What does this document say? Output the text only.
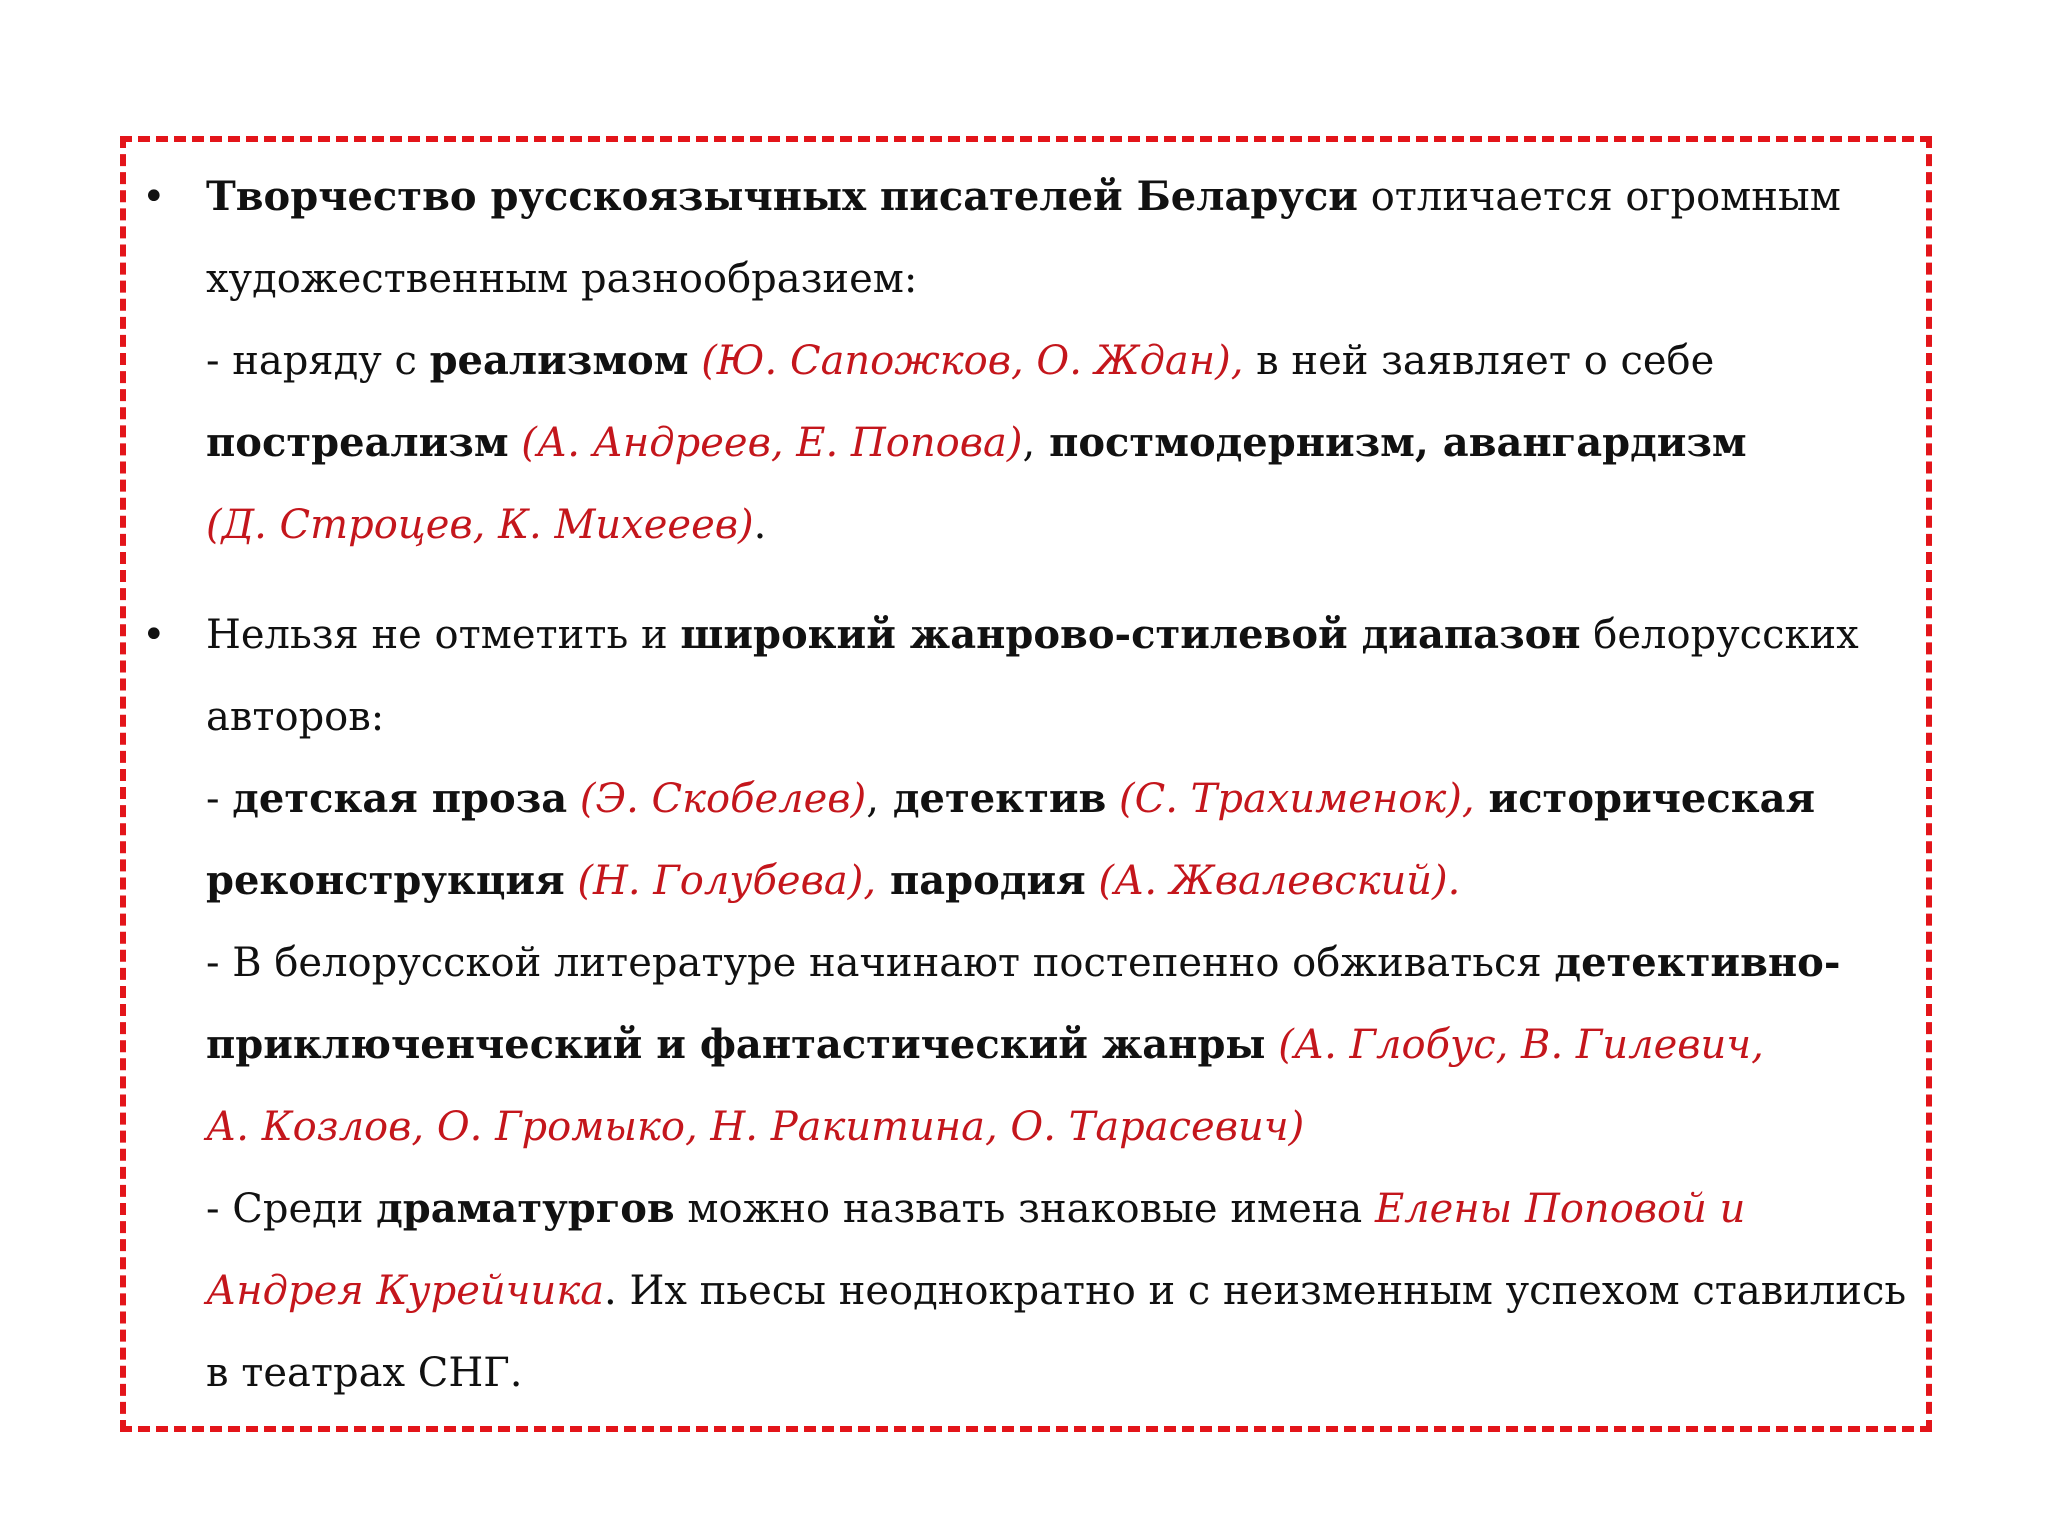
• Творчество русскоязычных писателей Беларуси отличается огромным
художественным разнообразием:
- наряду с реализмом (Ю. Сапожков, О. Ждан), в ней заявляет о себе
постреализм (А. Андреев, Е. Попова), постмодернизм, авангардизм
(Д. Строцев, К. Михееев).
• Нельзя не отметить и широкий жанрово-стилевой диапазон белорусских
авторов:
- детская проза (Э. Скобелев), детектив (С. Трахименок), историческая
реконструкция (Н. Голубева), пародия (А. Жвалевский).
- В белорусской литературе начинают постепенно обживаться детективно-
приключенческий и фантастический жанры (А. Глобус, В. Гилевич,
А. Козлов, О. Громыко, Н. Ракитина, О. Тарасевич)
- Среди драматургов можно назвать знаковые имена Елены Поповой и
Андрея Курейчика. Их пьесы неоднократно и с неизменным успехом ставились
в театрах СНГ.
